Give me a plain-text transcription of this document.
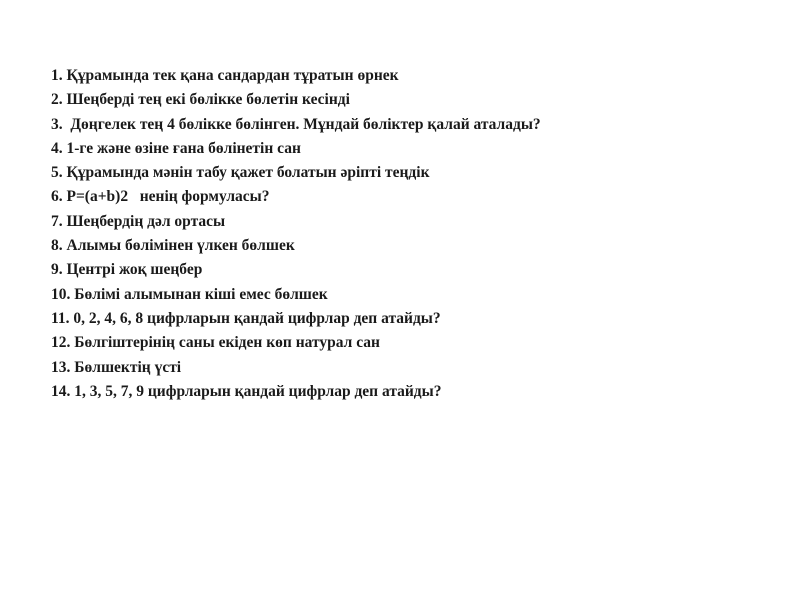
1. Құрамында тек қана сандардан тұратын өрнек
2. Шеңберді тең екі бөлікке бөлетін кесінді
3.  Дөңгелек тең 4 бөлікке бөлінген. Мұндай бөліктер қалай аталады?
4. 1-ге және өзіне ғана бөлінетін сан
5. Құрамында мәнін табу қажет болатын әріпті теңдік
6. P=(a+b)2   ненің формуласы?
7. Шеңбердің дәл ортасы
8. Алымы бөлімінен үлкен бөлшек
9. Центрі жоқ шеңбер
10. Бөлімі алымынан кіші емес бөлшек
11. 0, 2, 4, 6, 8 цифрларын қандай цифрлар деп атайды?
12. Бөлгіштерінің саны екіден көп натурал сан
13. Бөлшектің үсті
14. 1, 3, 5, 7, 9 цифрларын қандай цифрлар деп атайды?
